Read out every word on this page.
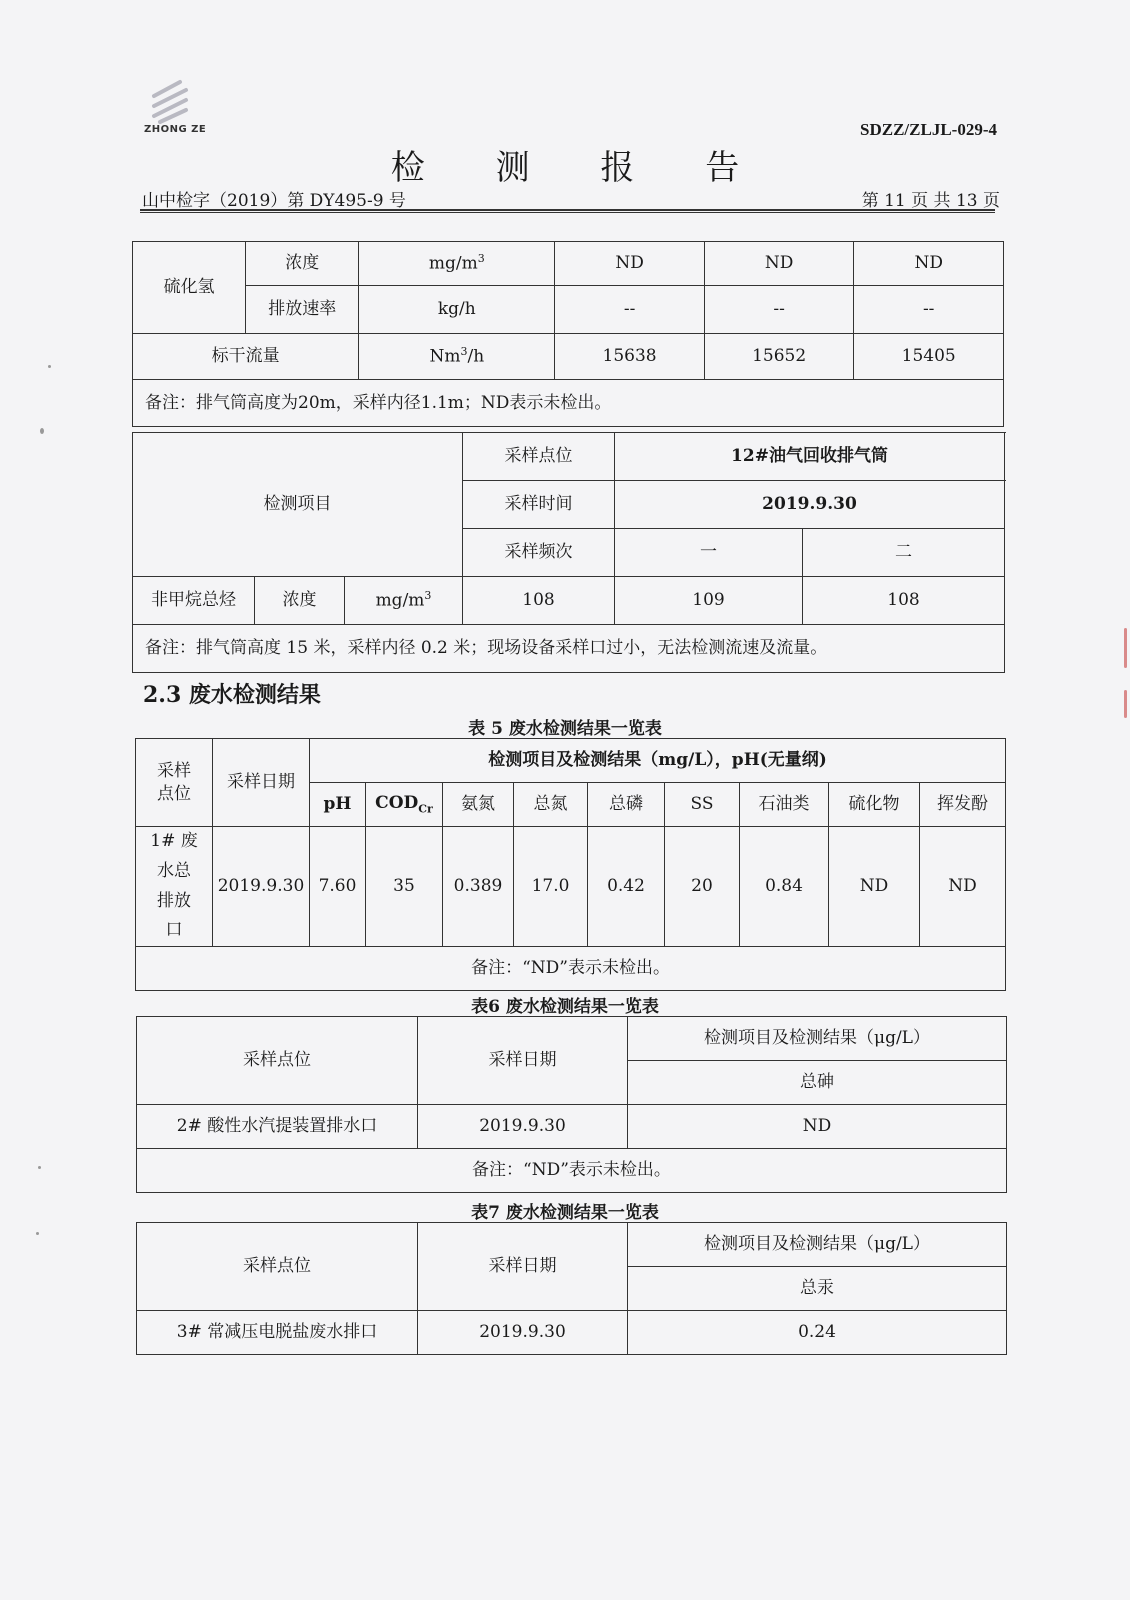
ZHONG ZE	SDZZ/ZLJL-029-4
检 测 报 告
山中检字（2019）第 DY495-9 号	第 11 页 共 13 页
硫化氢	浓度	$mg/m^3$	ND	ND	ND
	排放速率	kg/h	--	--	--
标干流量		Nm$^3$/h	15638	15652	15405
备注：排气筒高度为20m，采样内径1.1m；ND表示未检出。					
检测项目			采样点位	12#油气回收排气筒		
			采样时间	2019.9.30		
			采样频次	一	二	
非甲烷总烃	浓度	$mg/m^3$	108	109	108	
备注：排气筒高度 15 米，采样内径 0.2 米；现场设备采样口过小，无法检测流速及流量。						
2.3 废水检测结果
表 5 废水检测结果一览表
采样点位	采样日期	检测项目及检测结果（mg/L），pH(无量纲)								
		pH	$COD_{Cr}$	氨氮	总氮	总磷	SS	石油类	硫化物	挥发酚
1# 废水总排放口	2019.9.30	7.60	35	0.389	17.0	0.42	20	0.84	ND	ND
备注：“ND”表示未检出。										
表6 废水检测结果一览表
采样点位	采样日期	检测项目及检测结果（μg/L）
		总砷
2# 酸性水汽提装置排水口	2019.9.30	ND
备注：“ND”表示未检出。		
表7 废水检测结果一览表
采样点位	采样日期	检测项目及检测结果（μg/L）
		总汞
3# 常减压电脱盐废水排口	2019.9.30	0.24
